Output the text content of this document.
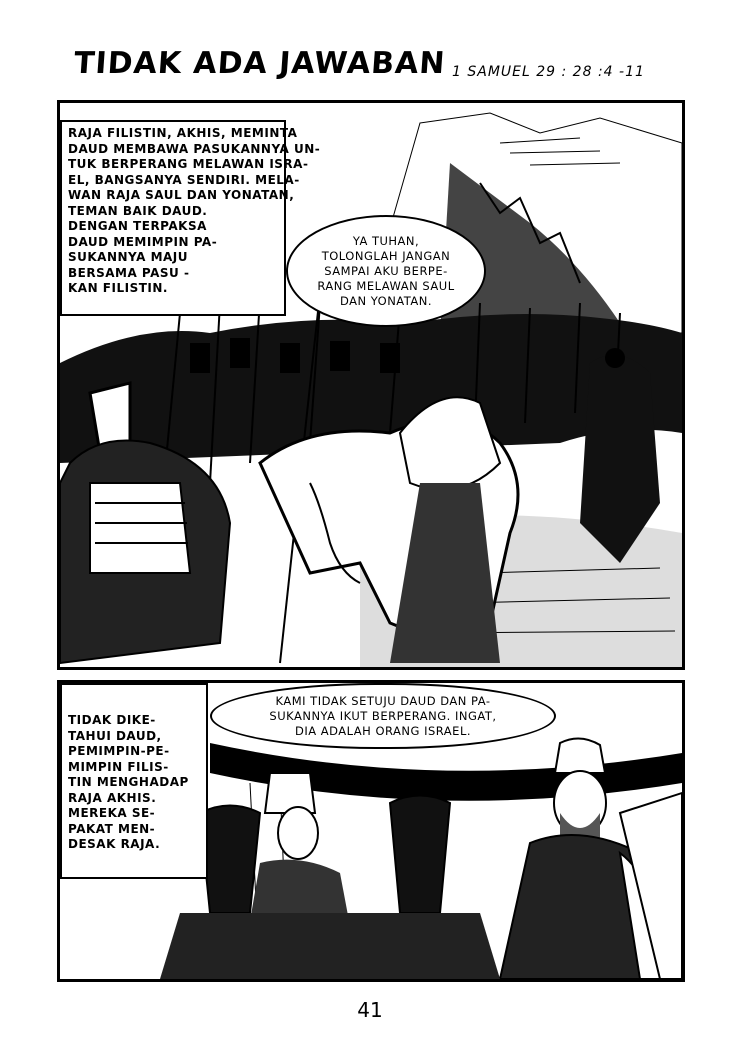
TIDAK ADA JAWABAN 1 SAMUEL 29 : 28 :4 -11
RAJA FILISTIN, AKHIS, MEMINTA
DAUD MEMBAWA PASUKANNYA UN-
TUK BERPERANG MELAWAN ISRA-
EL, BANGSANYA SENDIRI. MELA-
WAN RAJA SAUL DAN YONATAN,
TEMAN BAIK DAUD.
DENGAN TERPAKSA
DAUD MEMIMPIN PA-
SUKANNYA MAJU
BERSAMA PASU -
KAN FILISTIN.
YA TUHAN,
TOLONGLAH JANGAN
SAMPAI AKU BERPE-
RANG MELAWAN SAUL
DAN YONATAN.
TIDAK DIKE-
TAHUI DAUD,
PEMIMPIN-PE-
MIMPIN FILIS-
TIN MENGHADAP
RAJA AKHIS.
MEREKA SE-
PAKAT MEN-
DESAK RAJA.
KAMI TIDAK SETUJU DAUD DAN PA-
SUKANNYA IKUT BERPERANG. INGAT,
DIA ADALAH ORANG ISRAEL.
41
